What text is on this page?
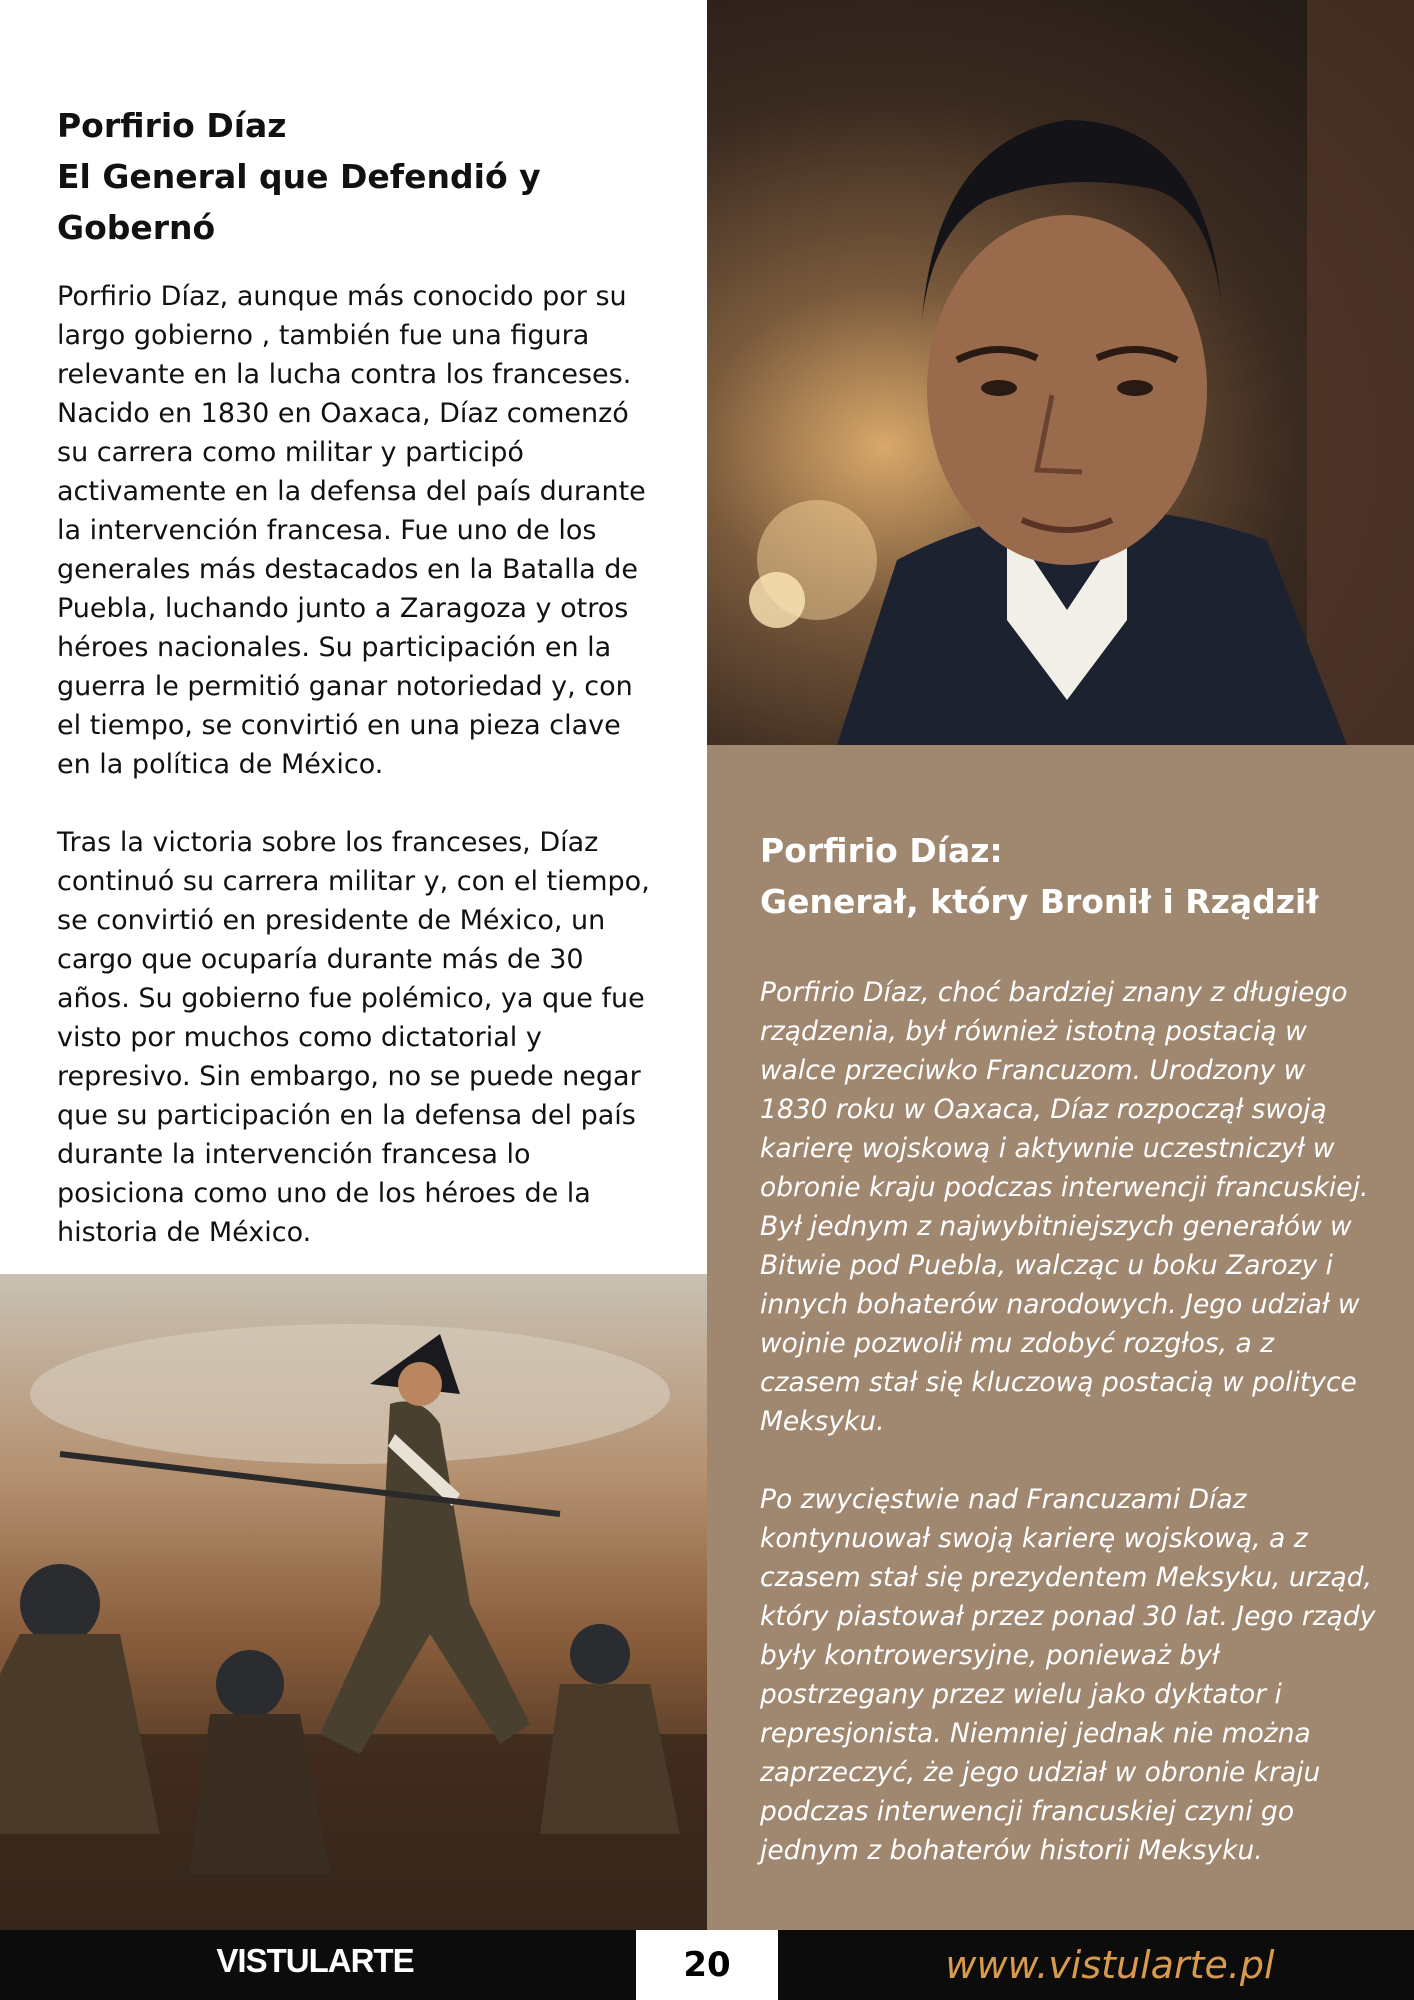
Porfirio Díaz
El General que Defendió y
Gobernó

Porfirio Díaz, aunque más conocido por su largo gobierno , también fue una figura relevante en la lucha contra los franceses. Nacido en 1830 en Oaxaca, Díaz comenzó su carrera como militar y participó activamente en la defensa del país durante la intervención francesa. Fue uno de los generales más destacados en la Batalla de Puebla, luchando junto a Zaragoza y otros héroes nacionales. Su participación en la guerra le permitió ganar notoriedad y, con el tiempo, se convirtió en una pieza clave en la política de México.

Tras la victoria sobre los franceses, Díaz continuó su carrera militar y, con el tiempo, se convirtió en presidente de México, un cargo que ocuparía durante más de 30 años. Su gobierno fue polémico, ya que fue visto por muchos como dictatorial y represivo. Sin embargo, no se puede negar que su participación en la defensa del país durante la intervención francesa lo posiciona como uno de los héroes de la historia de México.

Porfirio Díaz:
Generał, który Bronił i Rządził

Porfirio Díaz, choć bardziej znany z długiego rządzenia, był również istotną postacią w walce przeciwko Francuzom. Urodzony w 1830 roku w Oaxaca, Díaz rozpoczął swoją karierę wojskową i aktywnie uczestniczył w obronie kraju podczas interwencji francuskiej. Był jednym z najwybitniejszych generałów w Bitwie pod Puebla, walcząc u boku Zarozy i innych bohaterów narodowych. Jego udział w wojnie pozwolił mu zdobyć rozgłos, a z czasem stał się kluczową postacią w polityce Meksyku.

Po zwycięstwie nad Francuzami Díaz kontynuował swoją karierę wojskową, a z czasem stał się prezydentem Meksyku, urząd, który piastował przez ponad 30 lat. Jego rządy były kontrowersyjne, ponieważ był postrzegany przez wielu jako dyktator i represjonista. Niemniej jednak nie można zaprzeczyć, że jego udział w obronie kraju podczas interwencji francuskiej czyni go jednym z bohaterów historii Meksyku.

VISTULARTE	20	www.vistularte.pl
